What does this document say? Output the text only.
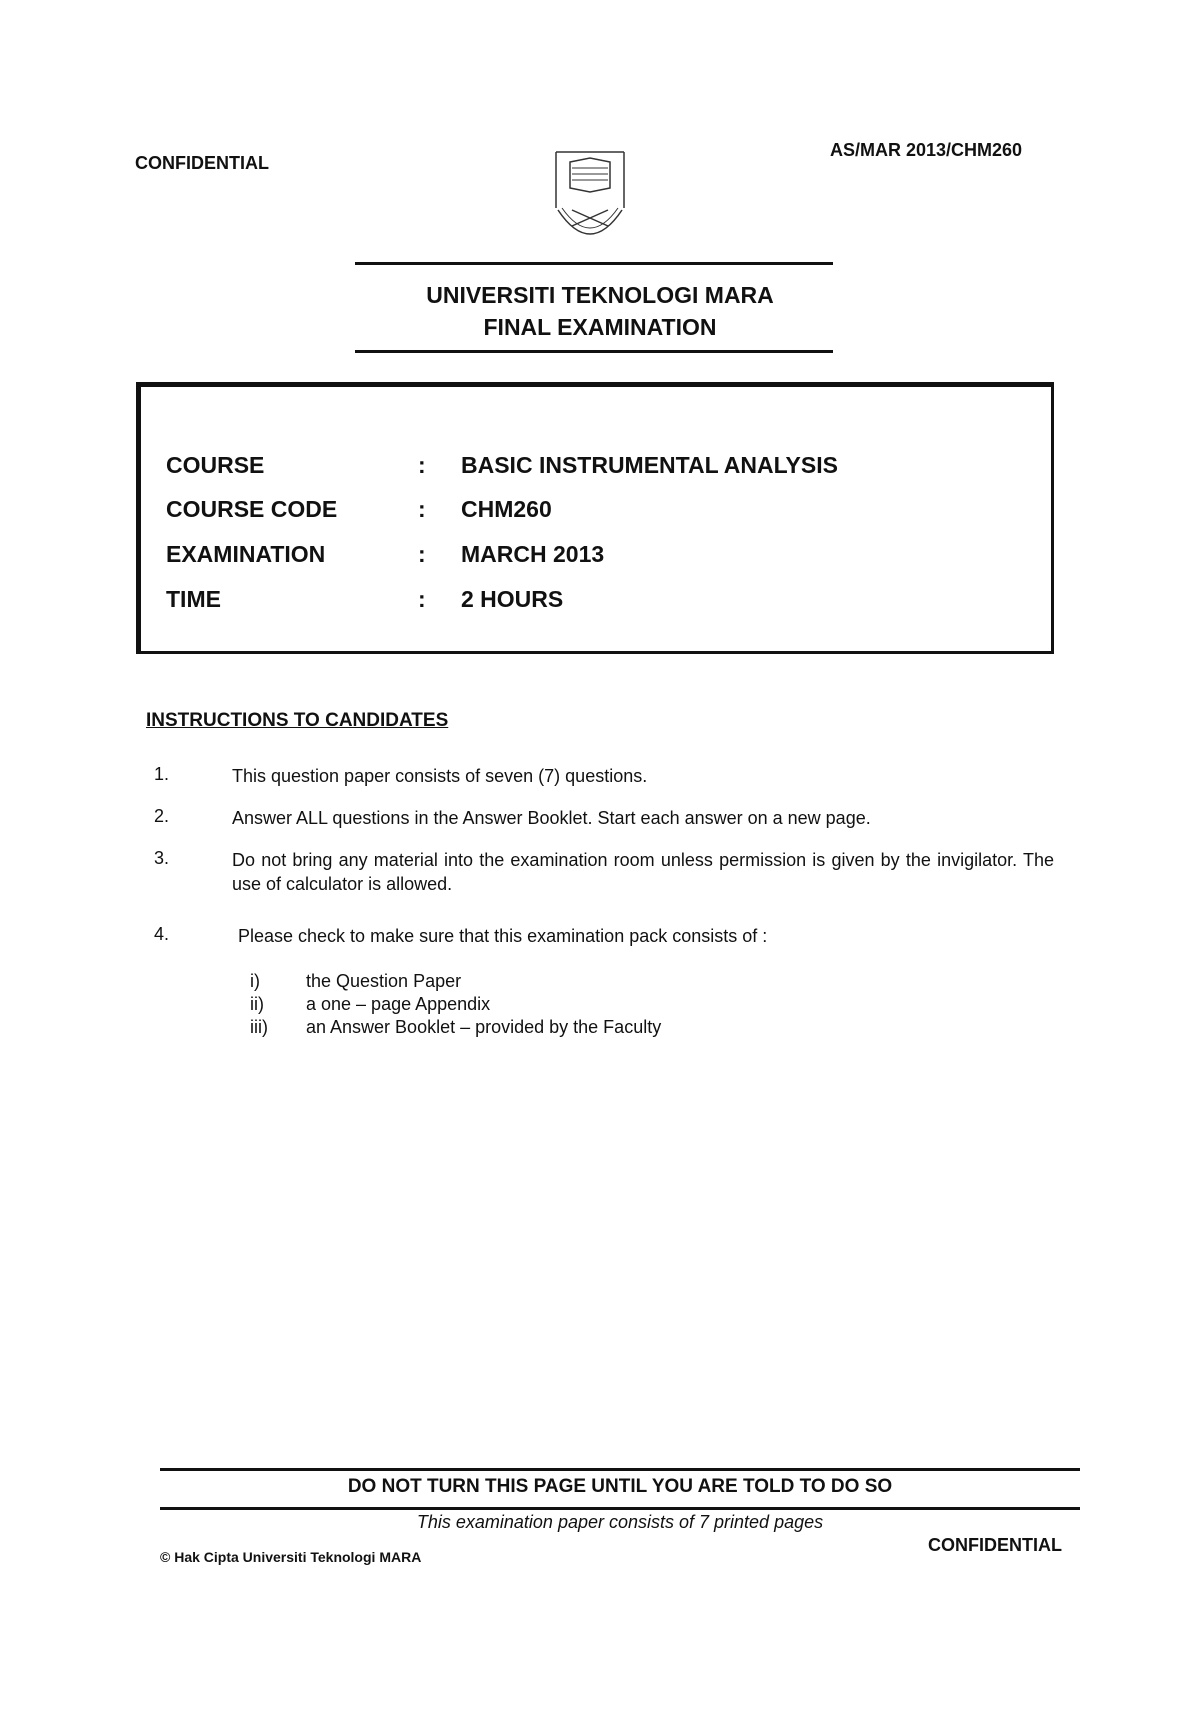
CONFIDENTIAL
AS/MAR 2013/CHM260
UNIVERSITI TEKNOLOGI MARA
FINAL EXAMINATION
COURSE	: BASIC INSTRUMENTAL ANALYSIS
COURSE CODE	: CHM260
EXAMINATION	: MARCH 2013
TIME	: 2 HOURS
INSTRUCTIONS TO CANDIDATES
1.	This question paper consists of seven (7) questions.
2.	Answer ALL questions in the Answer Booklet. Start each answer on a new page.
3.	Do not bring any material into the examination room unless permission is given by the invigilator. The use of calculator is allowed.
4.	Please check to make sure that this examination pack consists of :
i)	the Question Paper
ii) a one – page Appendix
iii) an Answer Booklet – provided by the Faculty
DO NOT TURN THIS PAGE UNTIL YOU ARE TOLD TO DO SO
This examination paper consists of 7 printed pages
© Hak Cipta Universiti Teknologi MARA
CONFIDENTIAL
